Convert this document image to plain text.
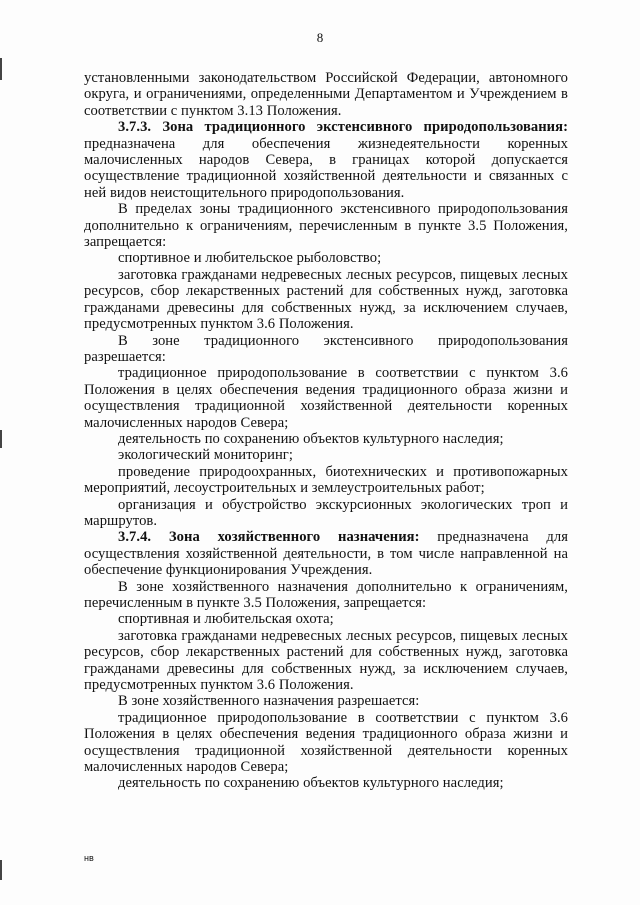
8

установленными законодательством Российской Федерации, автономного округа, и ограничениями, определенными Департаментом и Учреждением в соответствии с пунктом 3.13 Положения.

3.7.3. Зона традиционного экстенсивного природопользования: предназначена для обеспечения жизнедеятельности коренных малочисленных народов Севера, в границах которой допускается осуществление традиционной хозяйственной деятельности и связанных с ней видов неистощительного природопользования.

В пределах зоны традиционного экстенсивного природопользования дополнительно к ограничениям, перечисленным в пункте 3.5 Положения, запрещается:

спортивное и любительское рыболовство;

заготовка гражданами недревесных лесных ресурсов, пищевых лесных ресурсов, сбор лекарственных растений для собственных нужд, заготовка гражданами древесины для собственных нужд, за исключением случаев, предусмотренных пунктом 3.6 Положения.

В зоне традиционного экстенсивного природопользования разрешается:

традиционное природопользование в соответствии с пунктом 3.6 Положения в целях обеспечения ведения традиционного образа жизни и осуществления традиционной хозяйственной деятельности коренных малочисленных народов Севера;

деятельность по сохранению объектов культурного наследия;

экологический мониторинг;

проведение природоохранных, биотехнических и противопожарных мероприятий, лесоустроительных и землеустроительных работ;

организация и обустройство экскурсионных экологических троп и маршрутов.

3.7.4. Зона хозяйственного назначения: предназначена для осуществления хозяйственной деятельности, в том числе направленной на обеспечение функционирования Учреждения.

В зоне хозяйственного назначения дополнительно к ограничениям, перечисленным в пункте 3.5 Положения, запрещается:

спортивная и любительская охота;

заготовка гражданами недревесных лесных ресурсов, пищевых лесных ресурсов, сбор лекарственных растений для собственных нужд, заготовка гражданами древесины для собственных нужд, за исключением случаев, предусмотренных пунктом 3.6 Положения.

В зоне хозяйственного назначения разрешается:

традиционное природопользование в соответствии с пунктом 3.6 Положения в целях обеспечения ведения традиционного образа жизни и осуществления традиционной хозяйственной деятельности коренных малочисленных народов Севера;

деятельность по сохранению объектов культурного наследия;

нв
